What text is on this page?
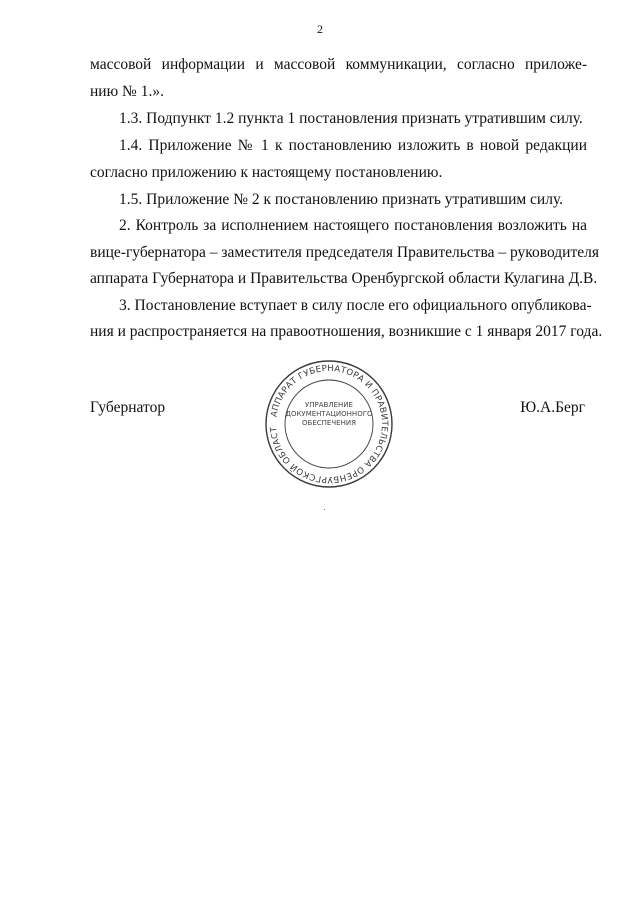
2
массовой информации и массовой коммуникации, согласно приложе-
нию № 1.».
1.3. Подпункт 1.2 пункта 1 постановления признать утратившим силу.
1.4. Приложение № 1 к постановлению изложить в новой редакции
согласно приложению к настоящему постановлению.
1.5. Приложение № 2 к постановлению признать утратившим силу.
2. Контроль за исполнением настоящего постановления возложить на
вице-губернатора – заместителя председателя Правительства – руководителя
аппарата Губернатора и Правительства Оренбургской области Кулагина Д.В.
3. Постановление вступает в силу после его официального опубликова-
ния и распространяется на правоотношения, возникшие с 1 января 2017 года.
Губернатор	Ю.А.Берг
АППАРАТ ГУБЕРНАТОРА И ПРАВИТЕЛЬСТВА ОРЕНБУРГСКОЙ ОБЛАСТ
УПРАВЛЕНИЕ
ДОКУМЕНТАЦИОННОГО
ОБЕСПЕЧЕНИЯ
